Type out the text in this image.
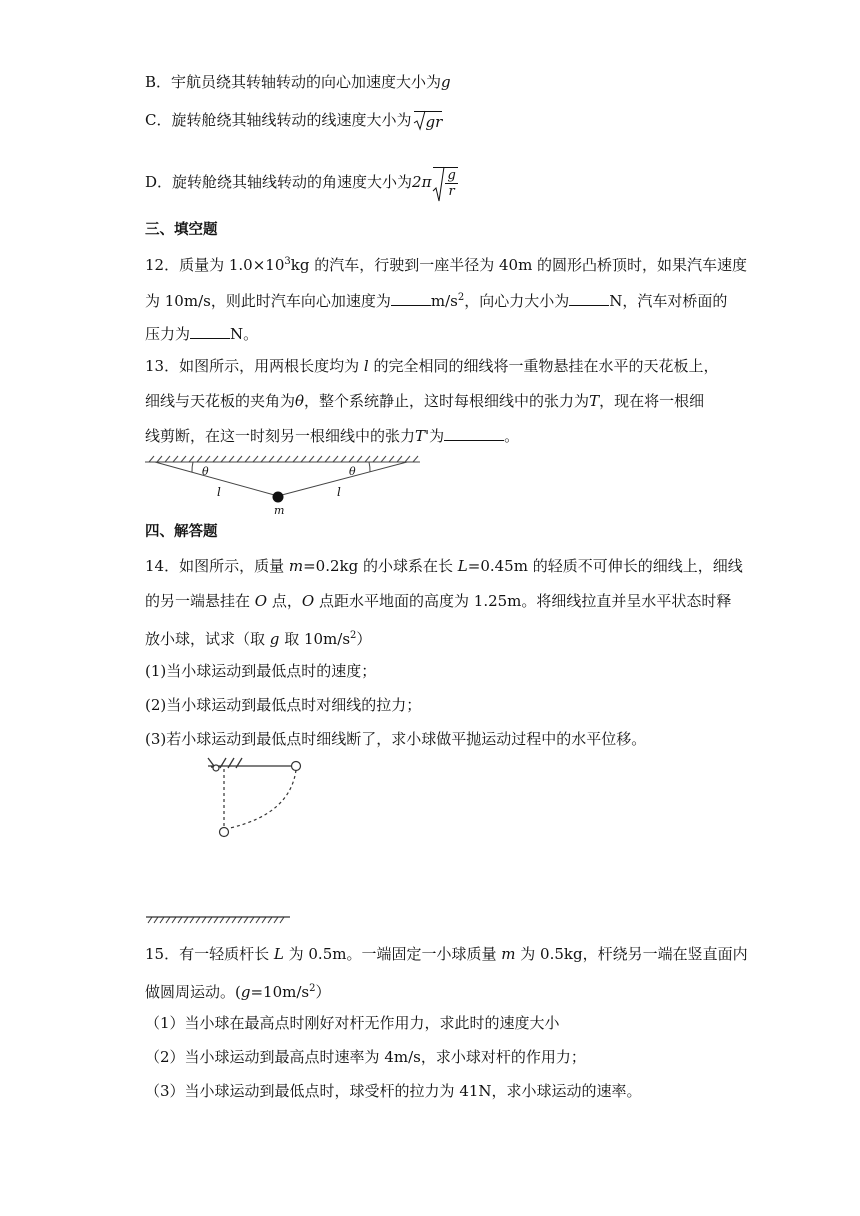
B．宇航员绕其转轴转动的向心加速度大小为g
C．旋转舱绕其轴线转动的线速度大小为 gr
D．旋转舱绕其轴线转动的角速度大小为$2\pi \frac{g}{r}$
三、填空题
12．质量为 $1.0\times 10^3kg$ 的汽车，行驶到一座半径为 40m 的圆形凸桥顶时，如果汽车速度
为 10m/s，则此时汽车向心加速度为	$m/s^2$，向心力大小为	N，汽车对桥面的
压力为	N。
13．如图所示，用两根长度均为 l 的完全相同的细线将一重物悬挂在水平的天花板上，
细线与天花板的夹角为θ，整个系统静止，这时每根细线中的张力为T，现在将一根细
线剪断，在这一时刻另一根细线中的张力T'为	。
θ	θ
l	l
m
四、解答题
14．如图所示，质量 m=0.2kg 的小球系在长 L=0.45m 的轻质不可伸长的细线上，细线
的另一端悬挂在 O 点，O 点距水平地面的高度为 1.25m。将细线拉直并呈水平状态时释
放小球，试求（取 g 取 $10m/s^2$）
(1)当小球运动到最低点时的速度；
(2)当小球运动到最低点时对细线的拉力；
(3)若小球运动到最低点时细线断了，求小球做平抛运动过程中的水平位移。
15．有一轻质杆长 L 为 0.5m。一端固定一小球质量 m 为 0.5kg，杆绕另一端在竖直面内
做圆周运动。$(g=10m/s^2)$
（1）当小球在最高点时刚好对杆无作用力，求此时的速度大小
（2）当小球运动到最高点时速率为 4m/s，求小球对杆的作用力；
（3）当小球运动到最低点时，球受杆的拉力为 41N，求小球运动的速率。
